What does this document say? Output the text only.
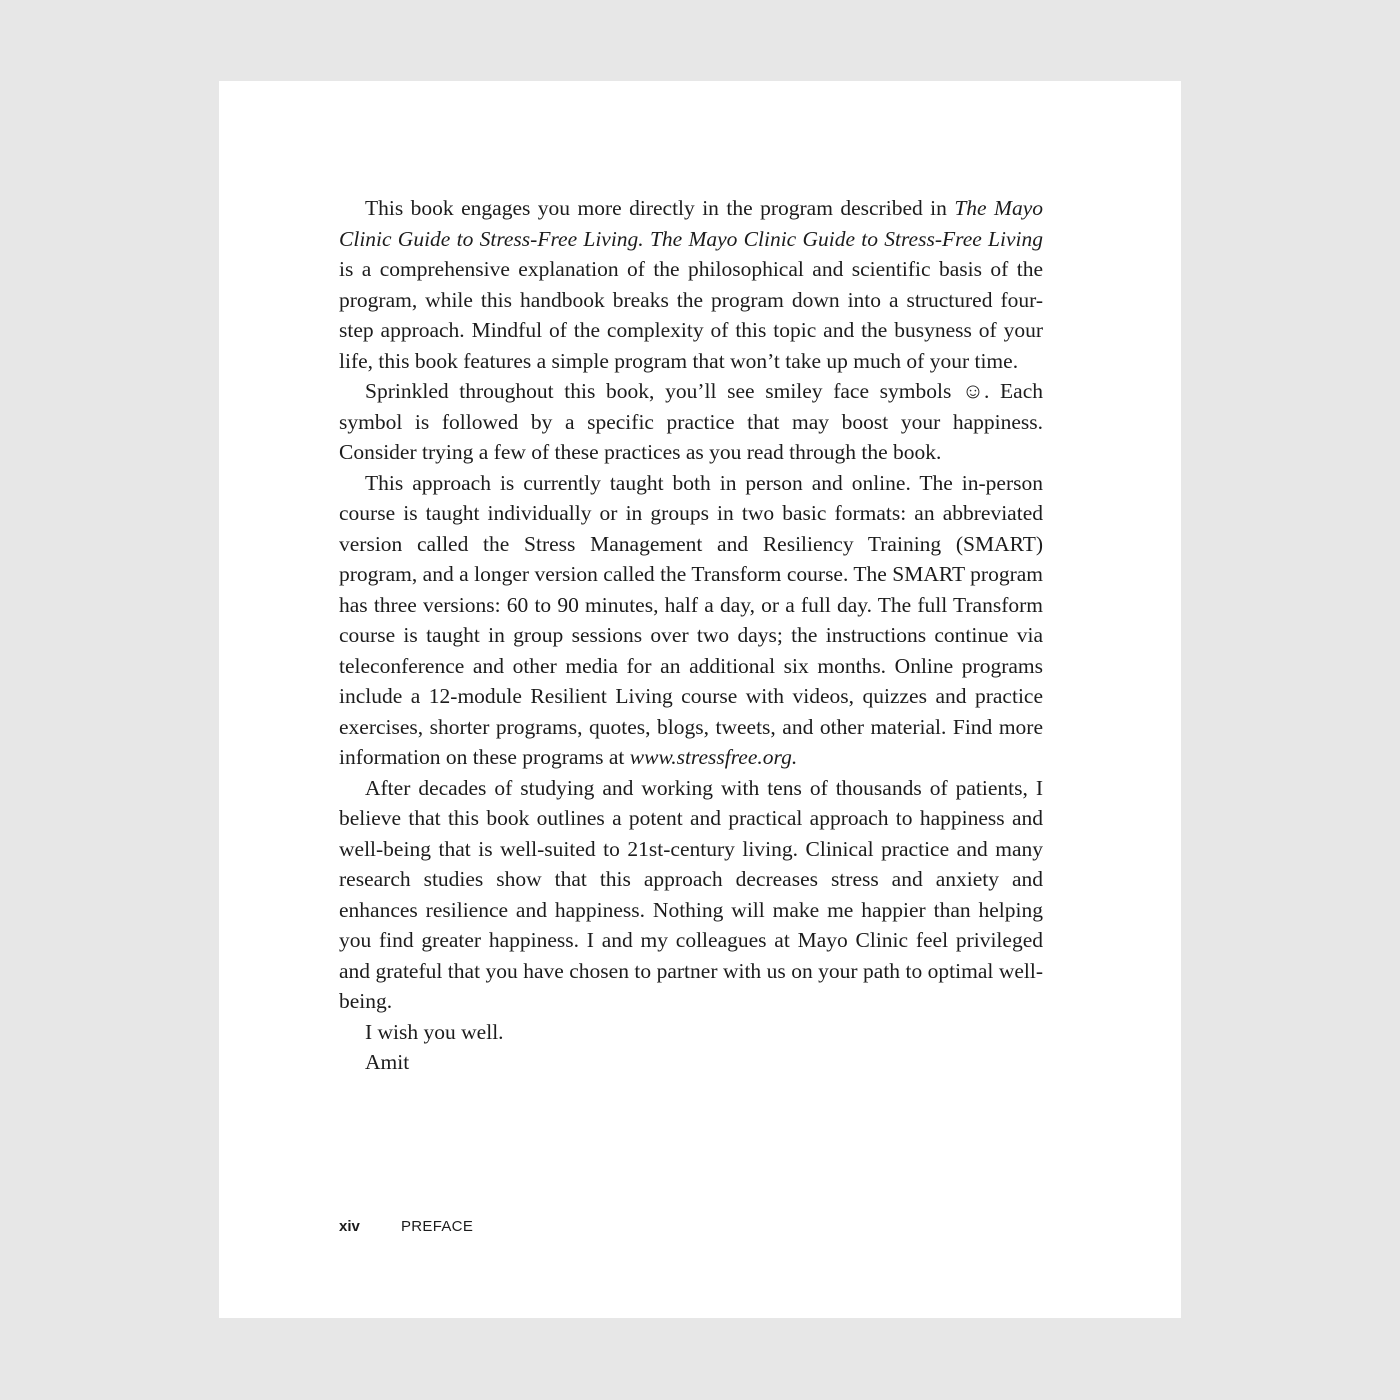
This book engages you more directly in the program described in The Mayo Clinic Guide to Stress-Free Living. The Mayo Clinic Guide to Stress-Free Living is a comprehensive explanation of the philosophical and scientific basis of the program, while this handbook breaks the program down into a structured four-step approach. Mindful of the complexity of this topic and the busyness of your life, this book features a simple program that won’t take up much of your time.

Sprinkled throughout this book, you’ll see smiley face symbols ☺. Each symbol is followed by a specific practice that may boost your happiness. Consider trying a few of these practices as you read through the book.

This approach is currently taught both in person and online. The in-person course is taught individually or in groups in two basic formats: an abbreviated version called the Stress Management and Resiliency Training (SMART) program, and a longer version called the Transform course. The SMART program has three versions: 60 to 90 minutes, half a day, or a full day. The full Transform course is taught in group sessions over two days; the instructions continue via teleconference and other media for an additional six months. Online programs include a 12-module Resilient Living course with videos, quizzes and practice exercises, shorter programs, quotes, blogs, tweets, and other material. Find more information on these programs at www.stressfree.org.

After decades of studying and working with tens of thousands of patients, I believe that this book outlines a potent and practical approach to happiness and well-being that is well-suited to 21st-century living. Clinical practice and many research studies show that this approach decreases stress and anxiety and enhances resilience and happiness. Nothing will make me happier than helping you find greater happiness. I and my colleagues at Mayo Clinic feel privileged and grateful that you have chosen to partner with us on your path to optimal well-being.

I wish you well.

Amit

xiv	PREFACE
